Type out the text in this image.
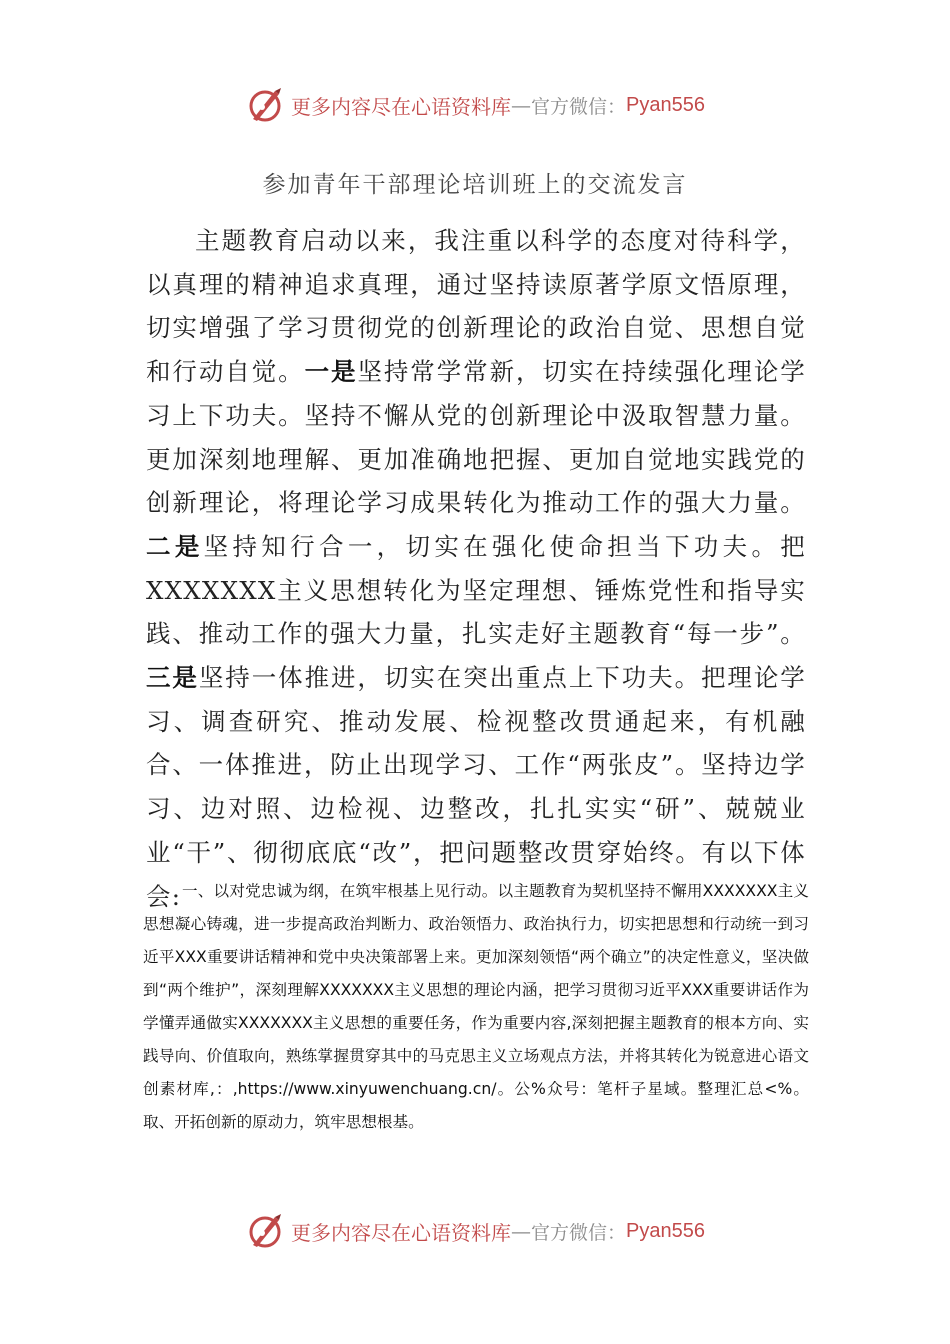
更多内容尽在心语资料库 — 官方微信： Pyan556
参加青年干部理论培训班上的交流发言
主题教育启动以来，我注重以科学的态度对待科学，以真理的精神追求真理，通过坚持读原著学原文悟原理，切实增强了学习贯彻党的创新理论的政治自觉、思想自觉和行动自觉。一是坚持常学常新，切实在持续强化理论学习上下功夫。坚持不懈从党的创新理论中汲取智慧力量。更加深刻地理解、更加准确地把握、更加自觉地实践党的创新理论，将理论学习成果转化为推动工作的强大力量。二是坚持知行合一，切实在强化使命担当下功夫。把XXXXXXX主义思想转化为坚定理想、锤炼党性和指导实践、推动工作的强大力量，扎实走好主题教育“每一步”。三是坚持一体推进，切实在突出重点上下功夫。把理论学习、调查研究、推动发展、检视整改贯通起来，有机融合、一体推进，防止出现学习、工作“两张皮”。坚持边学习、边对照、边检视、边整改，扎扎实实“研”、兢兢业业“干”、彻彻底底“改”，把问题整改贯穿始终。有以下体会: 一、以对党忠诚为纲，在筑牢根基上见行动。以主题教育为契机坚持不懈用XXXXXXX主义思想凝心铸魂，进一步提高政治判断力、政治领悟力、政治执行力，切实把思想和行动统一到习近平XXX重要讲话精神和党中央决策部署上来。更加深刻领悟“两个确立”的决定性意义，坚决做到“两个维护”，深刻理解XXXXXXX主义思想的理论内涵，把学习贯彻习近平XXX重要讲话作为学懂弄通做实XXXXXXX主义思想的重要任务，作为重要内容,深刻把握主题教育的根本方向、实践导向、价值取向，熟练掌握贯穿其中的马克思主义立场观点方法，并将其转化为锐意进心语文创素材库,：,https://www.xinyuwenchuang.cn/。公%众号：笔杆子星域。整理汇总<%。取、开拓创新的原动力，筑牢思想根基。
更多内容尽在心语资料库 — 官方微信： Pyan556
